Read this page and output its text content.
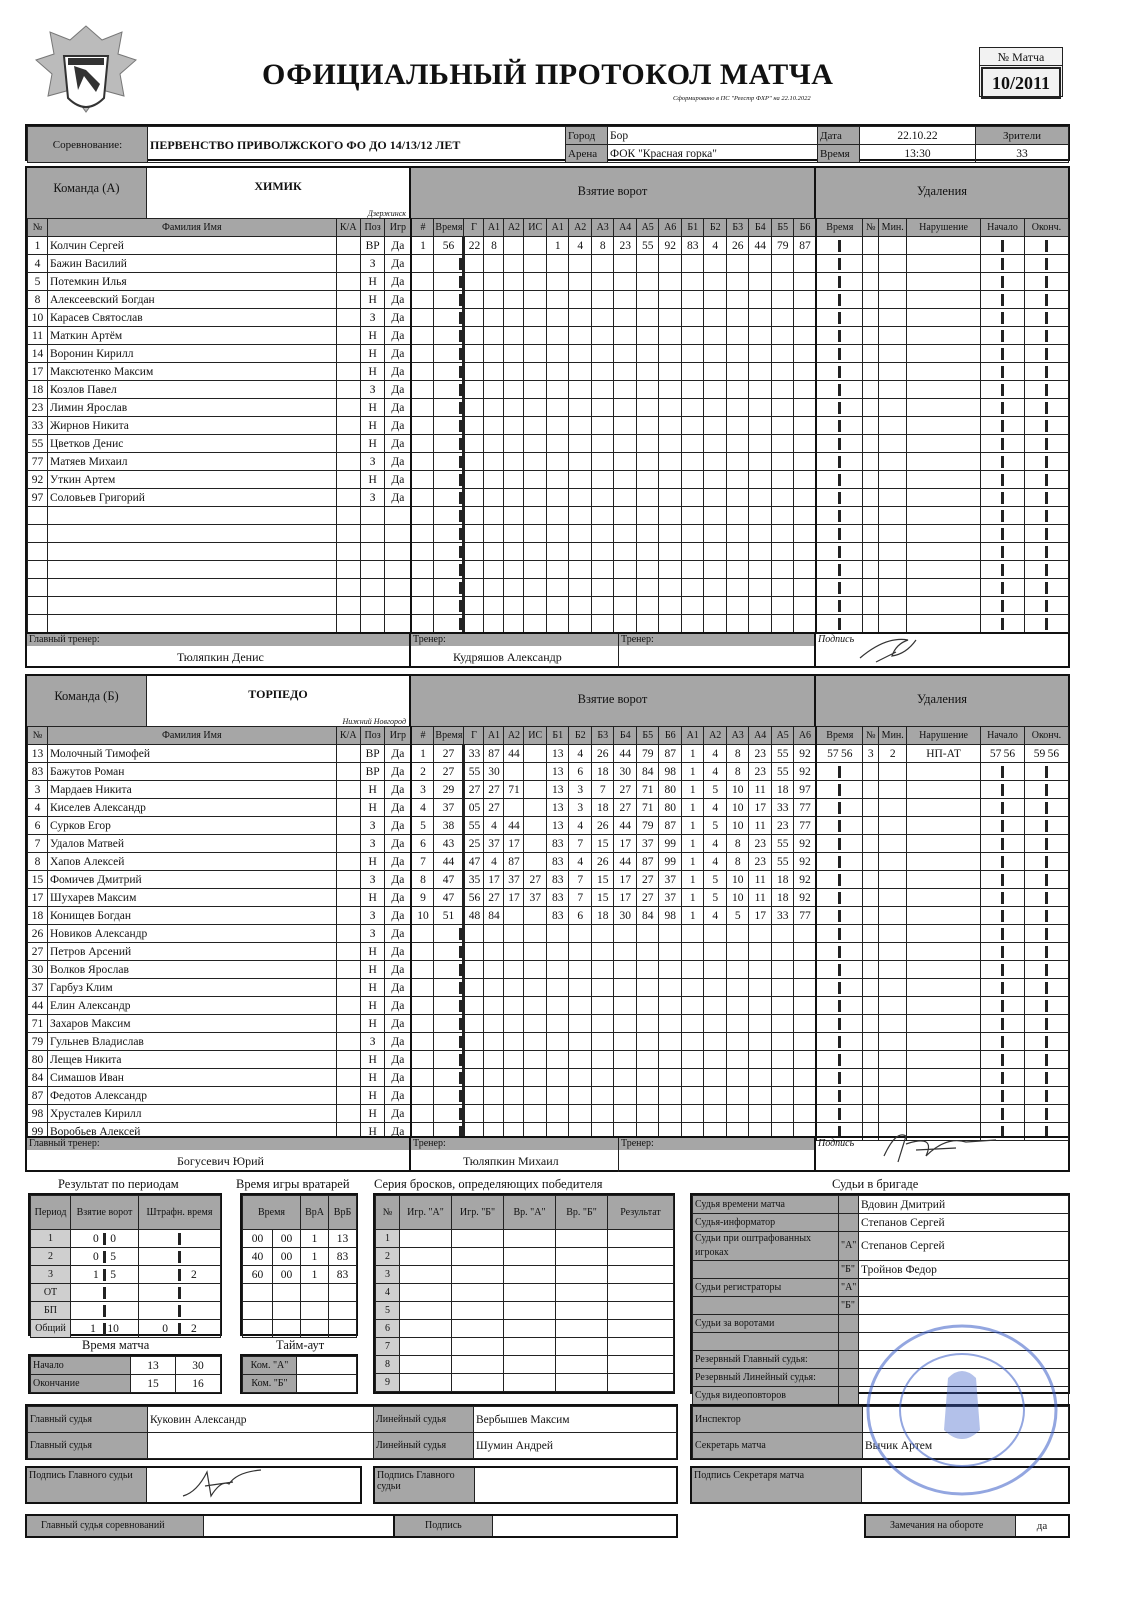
ОФИЦИАЛЬНЫЙ ПРОТОКОЛ МАТЧА
Сформировано в ПС "Реестр ФХР" на 22.10.2022
№ Матча
10/2011
Соревнование:	ПЕРВЕНСТВО ПРИВОЛЖСКОГО ФО ДО 14/13/12 ЛЕТ	Город	Бор	Дата	22.10.22	Зрители
		Арена	ФОК "Красная горка"	Время	13:30	33
Команда (А)	ХИМИК
Дзержинск
Взятие ворот	Удаления
№	Фамилия Имя	К/А	Поз	Игр	#	Время	Г	А1	А2	ИС	А1	А2	А3	А4	А5	А6	Б1	Б2	Б3	Б4	Б5	Б6	Время	№	Мин.	Нарушение	Начало	Оконч.
1	Колчин Сергей		ВР	Да	1	56	22	8			1	4	8	23	55	92	83	4	26	44	79	87						
4	Бажин Василий		З	Да																								
5	Потемкин Илья		Н	Да																								
8	Алексеевский Богдан		Н	Да																								
10	Карасев Святослав		З	Да																								
11	Маткин Артём		Н	Да																								
14	Воронин Кирилл		Н	Да																								
17	Максютенко Максим		Н	Да																								
18	Козлов Павел		З	Да																								
23	Лимин Ярослав		Н	Да																								
33	Жирнов Никита		Н	Да																								
55	Цветков Денис		Н	Да																								
77	Матяев Михаил		З	Да																								
92	Уткин Артем		Н	Да																								
97	Соловьев Григорий		З	Да																								

Главный тренер:
Тюляпкин Денис
Тренер:
Кудряшов Александр
Тренер:	Подпись
Команда (Б)	ТОРПЕДО
Нижний Новгород
Взятие ворот	Удаления
№	Фамилия Имя	К/А	Поз	Игр	#	Время	Г	А1	А2	ИС	Б1	Б2	Б3	Б4	Б5	Б6	А1	А2	А3	А4	А5	А6	Время	№	Мин.	Нарушение	Начало	Оконч.
13	Молочный Тимофей		ВР	Да	1	27	33	87	44		13	4	26	44	79	87	1	4	8	23	55	92	57 56	3	2	НП-АТ	57 56	59 56
83	Бажутов Роман		ВР	Да	2	27	55	30			13	6	18	30	84	98	1	4	8	23	55	92						
3	Мардаев Никита		Н	Да	3	29	27	27	71		13	3	7	27	71	80	1	5	10	11	18	97						
4	Киселев Александр		Н	Да	4	37	05	27			13	3	18	27	71	80	1	4	10	17	33	77						
6	Сурков Егор		З	Да	5	38	55	4	44		13	4	26	44	79	87	1	5	10	11	23	77						
7	Удалов Матвей		З	Да	6	43	25	37	17		83	7	15	17	37	99	1	4	8	23	55	92						
8	Хапов Алексей		Н	Да	7	44	47	4	87		83	4	26	44	87	99	1	4	8	23	55	92						
15	Фомичев Дмитрий		З	Да	8	47	35	17	37	27	83	7	15	17	27	37	1	5	10	11	18	92						
17	Шухарев Максим		Н	Да	9	47	56	27	17	37	83	7	15	17	27	37	1	5	10	11	18	92						
18	Конищев Богдан		З	Да	10	51	48	84			83	6	18	30	84	98	1	4	5	17	33	77						
26	Новиков Александр		З	Да																								
27	Петров Арсений		Н	Да																								
30	Волков Ярослав		Н	Да																								
37	Гарбуз Клим		Н	Да																								
44	Елин Александр		Н	Да																								
71	Захаров Максим		Н	Да																								
79	Гульнев Владислав		З	Да																								
80	Лещев Никита		Н	Да																								
84	Симашов Иван		Н	Да																								
87	Федотов Александр		Н	Да																								
98	Хрусталев Кирилл		Н	Да																								
99	Воробьев Алексей		Н	Да																								
Главный тренер:
Богусевич Юрий
Тренер:
Тюляпкин Михаил
Тренер:	Подпись
Результат по периодам
Период	Взятие ворот	Штрафн. время
1	0  0	    
2	0  5	    
3	1  5	   2
ОТ	  	    
БП	  	    
Общий	1  10	0  2
Время матча
Начало	13	30
Окончание	15	16
Время игры вратарей
Время		ВрА	ВрБ
00	00	1	13
40	00	1	83
60	00	1	83

Тайм-аут
Ком. "А"	
Ком. "Б"	
Серия бросков, определяющих победителя
№	Игр. "А"	Игр. "Б"	Вр. "А"	Вр. "Б"	Результат
1					
2					
3					
4					
5					
6					
7					
8					
9					
Судьи в бригаде
Судья времени матча		Вдовин Дмитрий
Судья-информатор		Степанов Сергей
Судьи при оштрафованных игроках	"А"	Степанов Сергей
	"Б"	Тройнов Федор
Судьи регистраторы	"А"	
	"Б"	
Судьи за воротами		

Резервный Главный судья:		
Резервный Линейный судья:		
Судья видеоповторов		
Главный судья	Куковин Александр	Линейный судья	Вербышев Максим
Главный судья		Линейный судья	Шумин Андрей
Инспектор	
Секретарь матча	Вычик Артем
Подпись Главного судьи	Подпись Главного судьи
Подпись Секретаря матча
Главный судья соревнований	Подпись	Замечания на обороте	да
